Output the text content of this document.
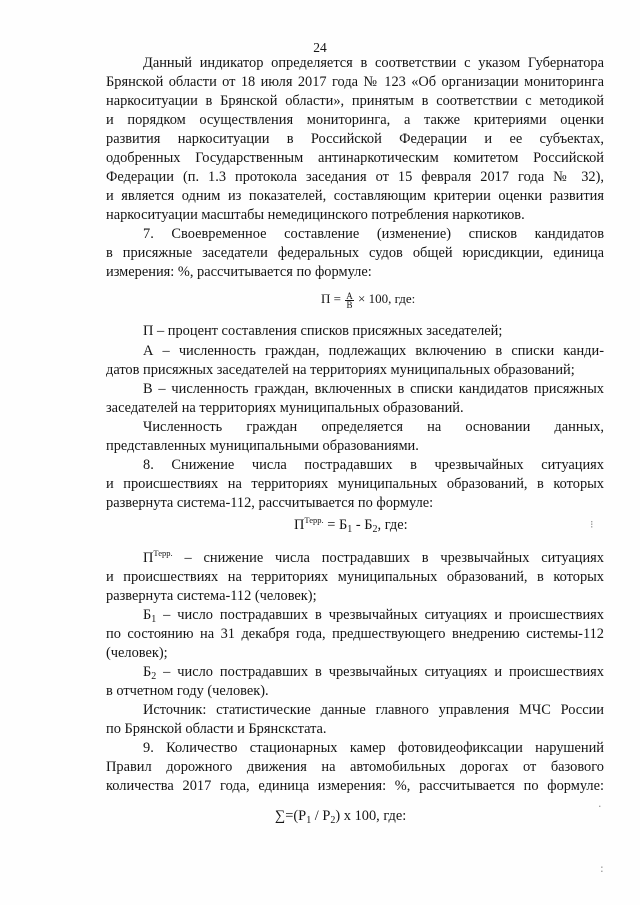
24
Данный индикатор определяется в соответствии с указом Губернатора
Брянской области от 18 июля 2017 года № 123 «Об организации мониторинга
наркоситуации в Брянской области», принятым в соответствии с методикой
и порядком осуществления мониторинга, а также критериями оценки
развития наркоситуации в Российской Федерации и ее субъектах,
одобренных Государственным антинаркотическим комитетом Российской
Федерации (п. 1.3 протокола заседания от 15 февраля 2017 года № 32),
и является одним из показателей, составляющим критерии оценки развития
наркоситуации масштабы немедицинского потребления наркотиков.
7. Своевременное составление (изменение) списков кандидатов
в присяжные заседатели федеральных судов общей юрисдикции, единица
измерения: %, рассчитывается по формуле:
$П = \frac{А}{В} \times 100$, где:
П – процент составления списков присяжных заседателей;
А – численность граждан, подлежащих включению в списки канди-
датов присяжных заседателей на территориях муниципальных образований;
В – численность граждан, включенных в списки кандидатов присяжных
заседателей на территориях муниципальных образований.
Численность граждан определяется на основании данных,
представленных муниципальными образованиями.
8. Снижение числа пострадавших в чрезвычайных ситуациях
и происшествиях на территориях муниципальных образований, в которых
развернута система-112, рассчитывается по формуле:
$П^{Терр.} = Б_1 - Б_2$, где:	⁝
$П^{Терр.}$ – снижение числа пострадавших в чрезвычайных ситуациях
и происшествиях на территориях муниципальных образований, в которых
развернута система-112 (человек);
$Б_1$ – число пострадавших в чрезвычайных ситуациях и происшествиях
по состоянию на 31 декабря года, предшествующего внедрению системы-112
(человек);
$Б_2$ – число пострадавших в чрезвычайных ситуациях и происшествиях
в отчетном году (человек).
Источник: статистические данные главного управления МЧС России
по Брянской области и Брянскстата.
9. Количество стационарных камер фотовидеофиксации нарушений
Правил дорожного движения на автомобильных дорогах от базового
количества 2017 года, единица измерения: %, рассчитывается по формуле:
$\sum=(Р_1 / Р_2)$ x 100, где:
·
:
